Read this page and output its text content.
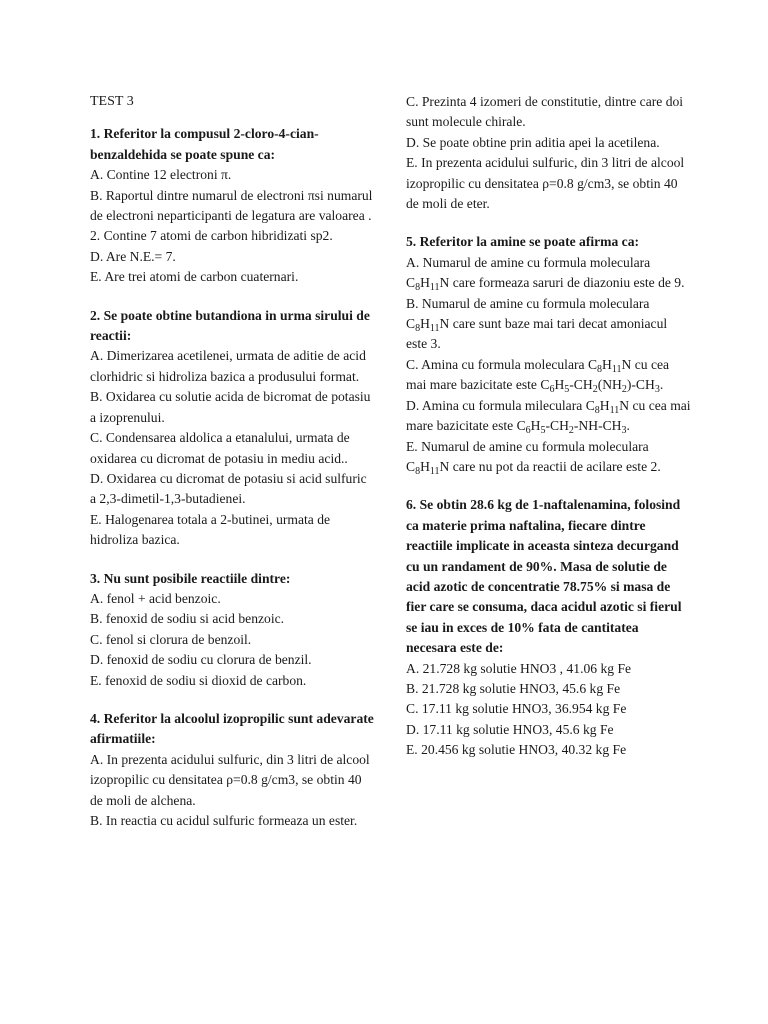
TEST 3

1. Referitor la compusul 2-cloro-4-cian-benzaldehida se poate spune ca:

A. Contine 12 electroni π.

B. Raportul dintre numarul de electroni πsi numarul de electroni neparticipanti de legatura are valoarea .

2. Contine 7 atomi de carbon hibridizati sp2.

D. Are N.E.= 7.

E. Are trei atomi de carbon cuaternari.

2. Se poate obtine butandiona in urma sirului de reactii:

A. Dimerizarea acetilenei, urmata de aditie de acid clorhidric si hidroliza bazica a produsului format.

B. Oxidarea cu solutie acida de bicromat de potasiu a izoprenului.

C. Condensarea aldolica a etanalului, urmata de oxidarea cu dicromat de potasiu in mediu acid..

D. Oxidarea cu dicromat de potasiu si acid sulfuric a 2,3-dimetil-1,3-butadienei.

E. Halogenarea totala a 2-butinei, urmata de hidroliza bazica.

3. Nu sunt posibile reactiile dintre:

A. fenol + acid benzoic.

B. fenoxid de sodiu si acid benzoic.

C. fenol si clorura de benzoil.

D. fenoxid de sodiu cu clorura de benzil.

E. fenoxid de sodiu si dioxid de carbon.

4. Referitor la alcoolul izopropilic sunt adevarate afirmatiile:

A. In prezenta acidului sulfuric, din 3 litri de alcool izopropilic cu densitatea ρ=0.8 g/cm3, se obtin 40 de moli de alchena.

B. In reactia cu acidul sulfuric formeaza un ester.

C. Prezinta 4 izomeri de constitutie, dintre care doi sunt molecule chirale.

D. Se poate obtine prin aditia apei la acetilena.

E. In prezenta acidului sulfuric, din 3 litri de alcool izopropilic cu densitatea ρ=0.8 g/cm3, se obtin 40 de moli de eter.

5. Referitor la amine se poate afirma ca:

A. Numarul de amine cu formula moleculara $C_8H_{11}N$ care formeaza saruri de diazoniu este de 9.

B. Numarul de amine cu formula moleculara $C_8H_{11}N$ care sunt baze mai tari decat amoniacul este 3.

C. Amina cu formula moleculara $C_8H_{11}N$ cu cea mai mare bazicitate este $C_6H_5-CH_2(NH_2)-CH_3$.

D. Amina cu formula mileculara $C_8H_{11}N$ cu cea mai mare bazicitate este $C_6H_5-CH_2-NH-CH_3$.

E. Numarul de amine cu formula moleculara $C_8H_{11}N$ care nu pot da reactii de acilare este 2.

6. Se obtin 28.6 kg de 1-naftalenamina, folosind ca materie prima naftalina, fiecare dintre reactiile implicate in aceasta sinteza decurgand cu un randament de 90%. Masa de solutie de acid azotic de concentratie 78.75% si masa de fier care se consuma, daca acidul azotic si fierul se iau in exces de 10% fata de cantitatea necesara este de:

A. 21.728 kg solutie HNO3 , 41.06 kg Fe

B. 21.728 kg solutie HNO3, 45.6 kg Fe

C. 17.11 kg solutie HNO3, 36.954 kg Fe

D. 17.11 kg solutie HNO3, 45.6 kg Fe

E. 20.456 kg solutie HNO3, 40.32 kg Fe
